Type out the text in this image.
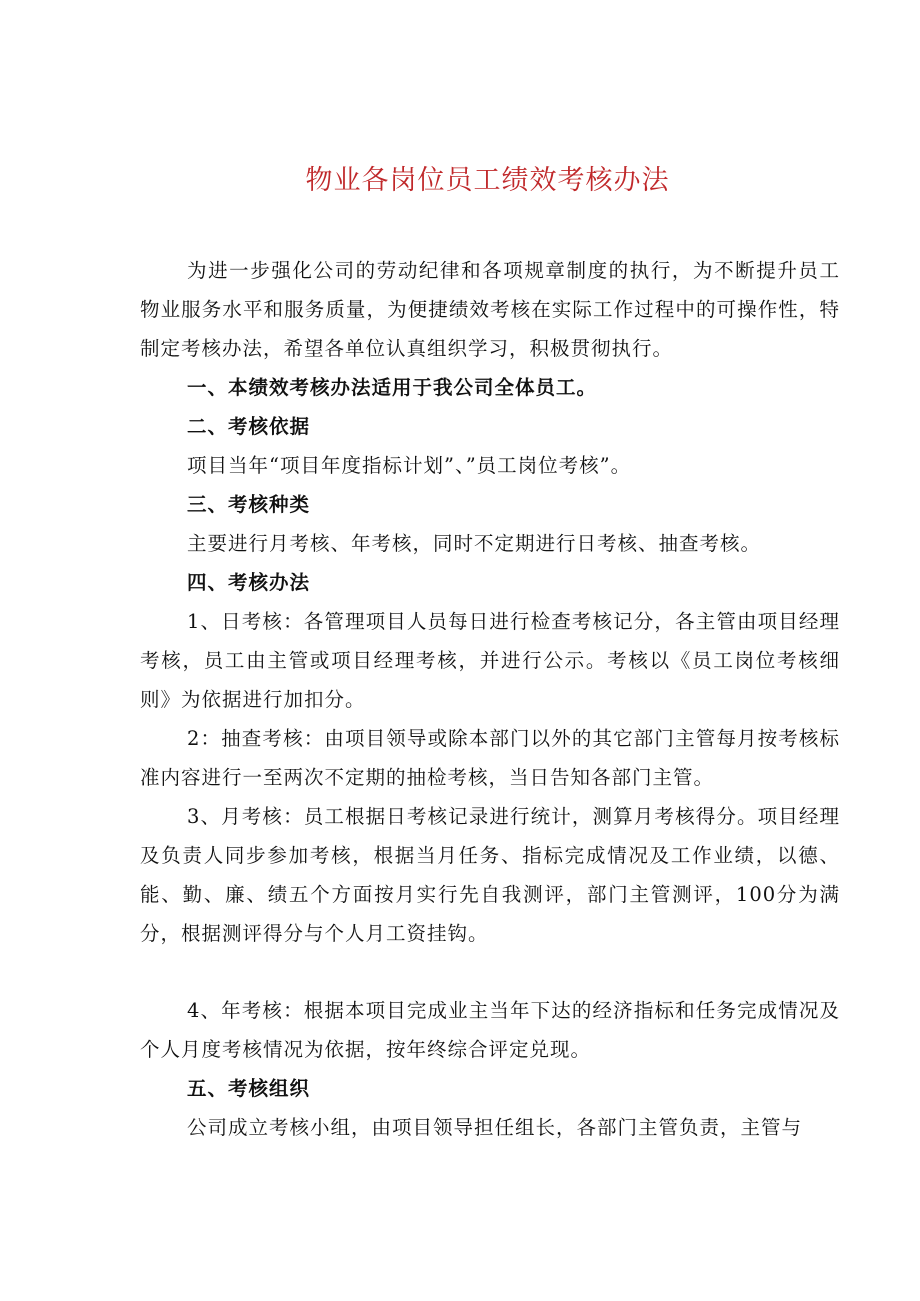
物业各岗位员工绩效考核办法

为进一步强化公司的劳动纪律和各项规章制度的执行，为不断提升员工物业服务水平和服务质量，为便捷绩效考核在实际工作过程中的可操作性，特制定考核办法，希望各单位认真组织学习，积极贯彻执行。

一、本绩效考核办法适用于我公司全体员工。

二、考核依据

项目当年“项目年度指标计划”、”员工岗位考核”。

三、考核种类

主要进行月考核、年考核，同时不定期进行日考核、抽查考核。

四、考核办法

1、日考核：各管理项目人员每日进行检查考核记分，各主管由项目经理考核，员工由主管或项目经理考核，并进行公示。考核以《员工岗位考核细则》为依据进行加扣分。

2：抽查考核：由项目领导或除本部门以外的其它部门主管每月按考核标准内容进行一至两次不定期的抽检考核，当日告知各部门主管。

3、月考核：员工根据日考核记录进行统计，测算月考核得分。项目经理及负责人同步参加考核，根据当月任务、指标完成情况及工作业绩，以德、能、勤、廉、绩五个方面按月实行先自我测评，部门主管测评，100分为满分，根据测评得分与个人月工资挂钩。

4、年考核：根据本项目完成业主当年下达的经济指标和任务完成情况及个人月度考核情况为依据，按年终综合评定兑现。

五、考核组织

公司成立考核小组，由项目领导担任组长，各部门主管负责，主管与
